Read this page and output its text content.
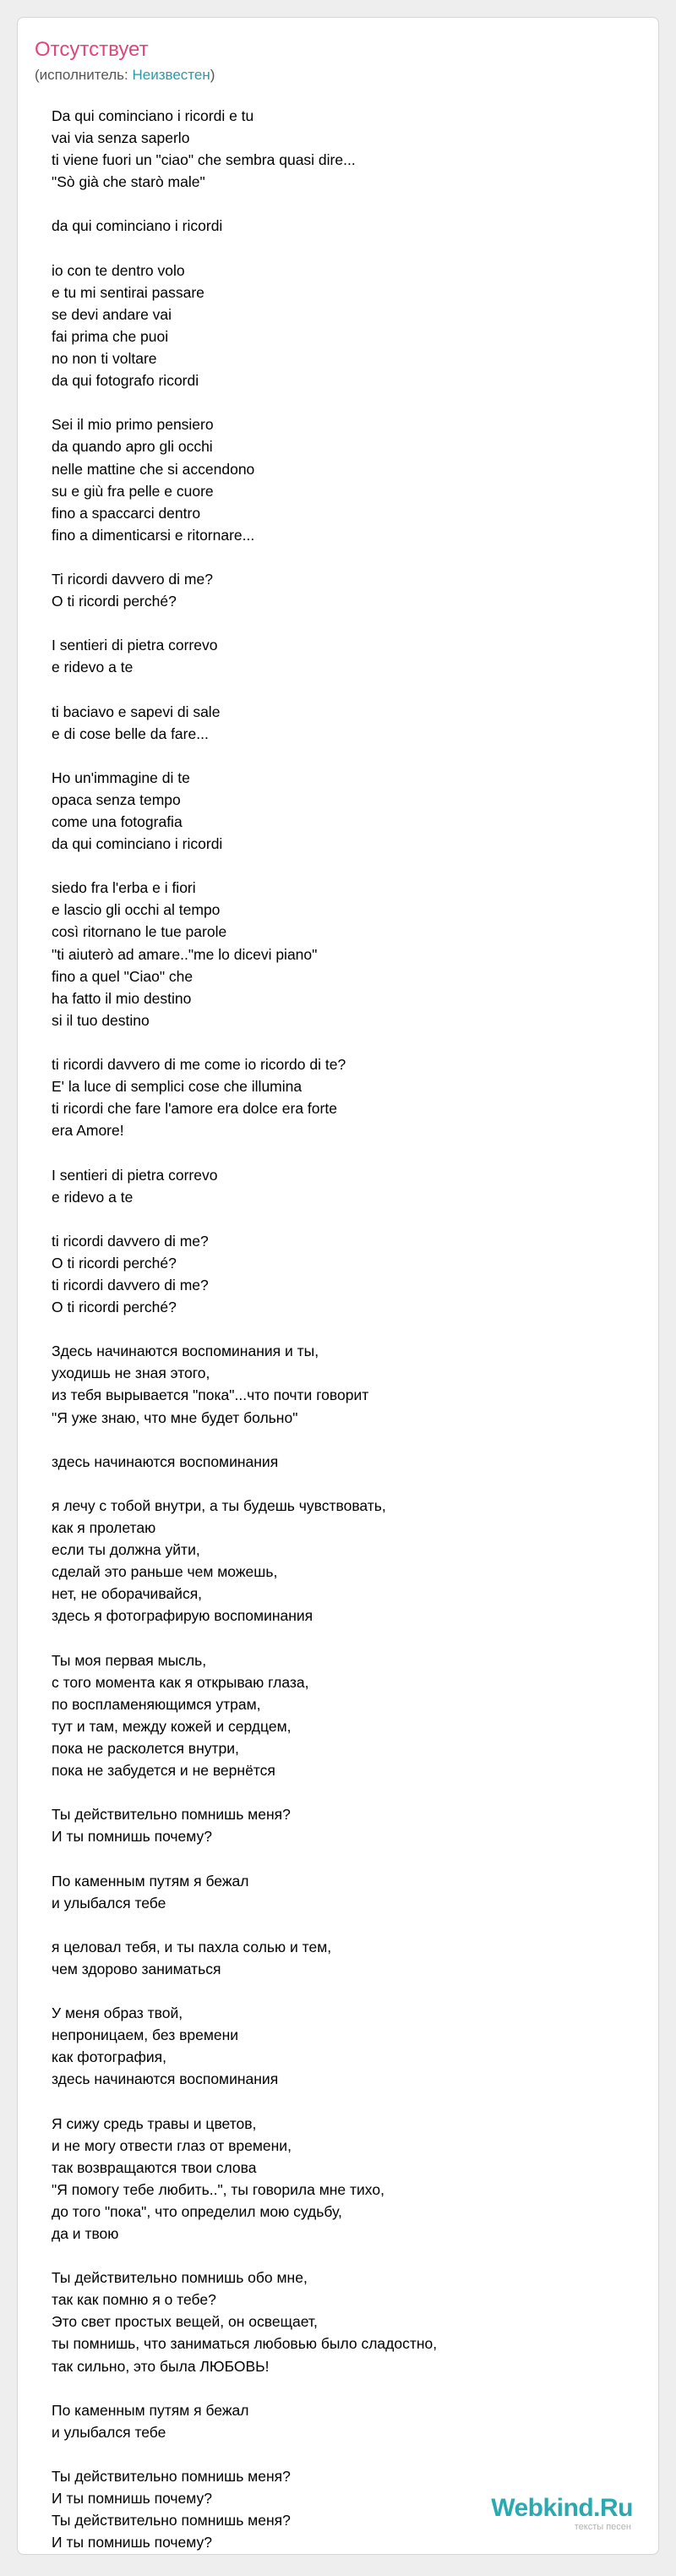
Отсутствует
(исполнитель: Неизвестен)
Da qui cominciano i ricordi e tu
vai via senza saperlo
ti viene fuori un "ciao" che sembra quasi dire...
"Sò già che starò male"
da qui cominciano i ricordi
io con te dentro volo
e tu mi sentirai passare
se devi andare vai
fai prima che puoi
no non ti voltare
da qui fotografo ricordi
Sei il mio primo pensiero
da quando apro gli occhi
nelle mattine che si accendono
su e giù fra pelle e cuore
fino a spaccarci dentro
fino a dimenticarsi e ritornare...
Ti ricordi davvero di me?
O ti ricordi perché?
I sentieri di pietra correvo
e ridevo a te
ti baciavo e sapevi di sale
e di cose belle da fare...
Ho un'immagine di te
opaca senza tempo
come una fotografia
da qui cominciano i ricordi
siedo fra l'erba e i fiori
e lascio gli occhi al tempo
così ritornano le tue parole
"ti aiuterò ad amare.."me lo dicevi piano"
fino a quel "Ciao" che
ha fatto il mio destino
si il tuo destino
ti ricordi davvero di me come io ricordo di te?
E' la luce di semplici cose che illumina
ti ricordi che fare l'amore era dolce era forte
era Amore!
I sentieri di pietra correvo
e ridevo a te
ti ricordi davvero di me?
O ti ricordi perché?
ti ricordi davvero di me?
O ti ricordi perché?
Здесь начинаются воспоминания и ты,
уходишь не зная этого,
из тебя вырывается "пока"...что почти говорит
"Я уже знаю, что мне будет больно"
здесь начинаются воспоминания
я лечу с тобой внутри, а ты будешь чувствовать,
как я пролетаю
если ты должна уйти,
сделай это раньше чем можешь,
нет, не оборачивайся,
здесь я фотографирую воспоминания
Ты моя первая мысль,
с того момента как я открываю глаза,
по воспламеняющимся утрам,
тут и там, между кожей и сердцем,
пока не расколется внутри,
пока не забудется и не вернётся
Ты действительно помнишь меня?
И ты помнишь почему?
По каменным путям я бежал
и улыбался тебе
я целовал тебя, и ты пахла солью и тем,
чем здорово заниматься
У меня образ твой,
непроницаем, без времени
как фотография,
здесь начинаются воспоминания
Я сижу средь травы и цветов,
и не могу отвести глаз от времени,
так возвращаются твои слова
"Я помогу тебе любить..", ты говорила мне тихо,
до того "пока", что определил мою судьбу,
да и твою
Ты действительно помнишь обо мне,
так как помню я о тебе?
Это свет простых вещей, он освещает,
ты помнишь, что заниматься любовью было сладостно,
так сильно, это была ЛЮБОВЬ!
По каменным путям я бежал
и улыбался тебе
Ты действительно помнишь меня?
И ты помнишь почему?
Ты действительно помнишь меня?
И ты помнишь почему?
Webkind.Ru
тексты песен
